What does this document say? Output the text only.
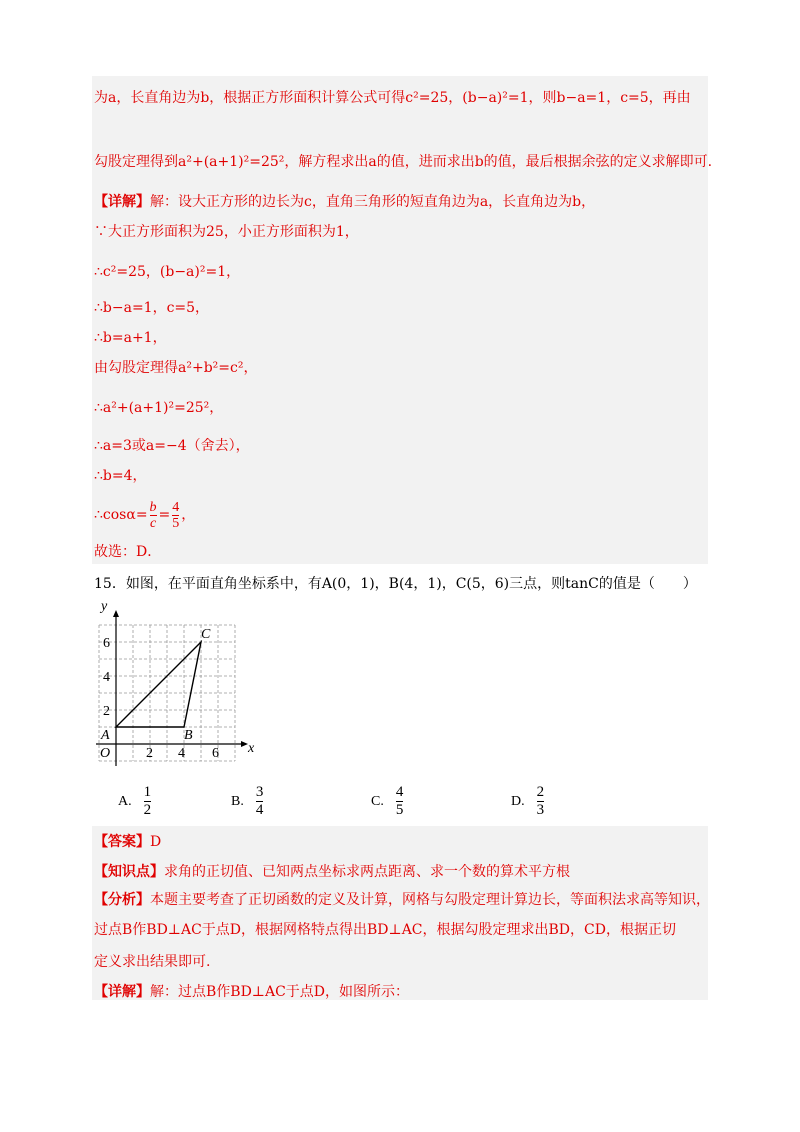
为a，长直角边为b，根据正方形面积计算公式可得c²=25，(b−a)²=1，则b−a=1，c=5，再由
勾股定理得到a²+(a+1)²=25²，解方程求出a的值，进而求出b的值，最后根据余弦的定义求解即可.
【详解】解：设大正方形的边长为c，直角三角形的短直角边为a，长直角边为b，
∵大正方形面积为25，小正方形面积为1，
∴c²=25，(b−a)²=1，
∴b−a=1，c=5，
∴b=a+1，
由勾股定理得a²+b²=c²，
∴a²+(a+1)²=25²，
∴a=3或a=−4（舍去），
∴b=4，
∴cosα= $\frac{b}{c} = \frac{4}{5}$ ，
故选：D．
15．如图，在平面直角坐标系中，有A(0，1)，B(4，1)，C(5，6)三点，则tanC的值是（　　）
x
y
O	2 4 6
2
4
6
A	B
C
A. $\frac{1}{2}$	B. $\frac{3}{4}$	C. $\frac{4}{5}$	D. $\frac{2}{3}$
【答案】D
【知识点】求角的正切值、已知两点坐标求两点距离、求一个数的算术平方根
【分析】本题主要考查了正切函数的定义及计算，网格与勾股定理计算边长，等面积法求高等知识，
过点B作BD⊥AC于点D，根据网格特点得出BD⊥AC，根据勾股定理求出BD，CD，根据正切
定义求出结果即可.
【详解】解：过点B作BD⊥AC于点D，如图所示：
